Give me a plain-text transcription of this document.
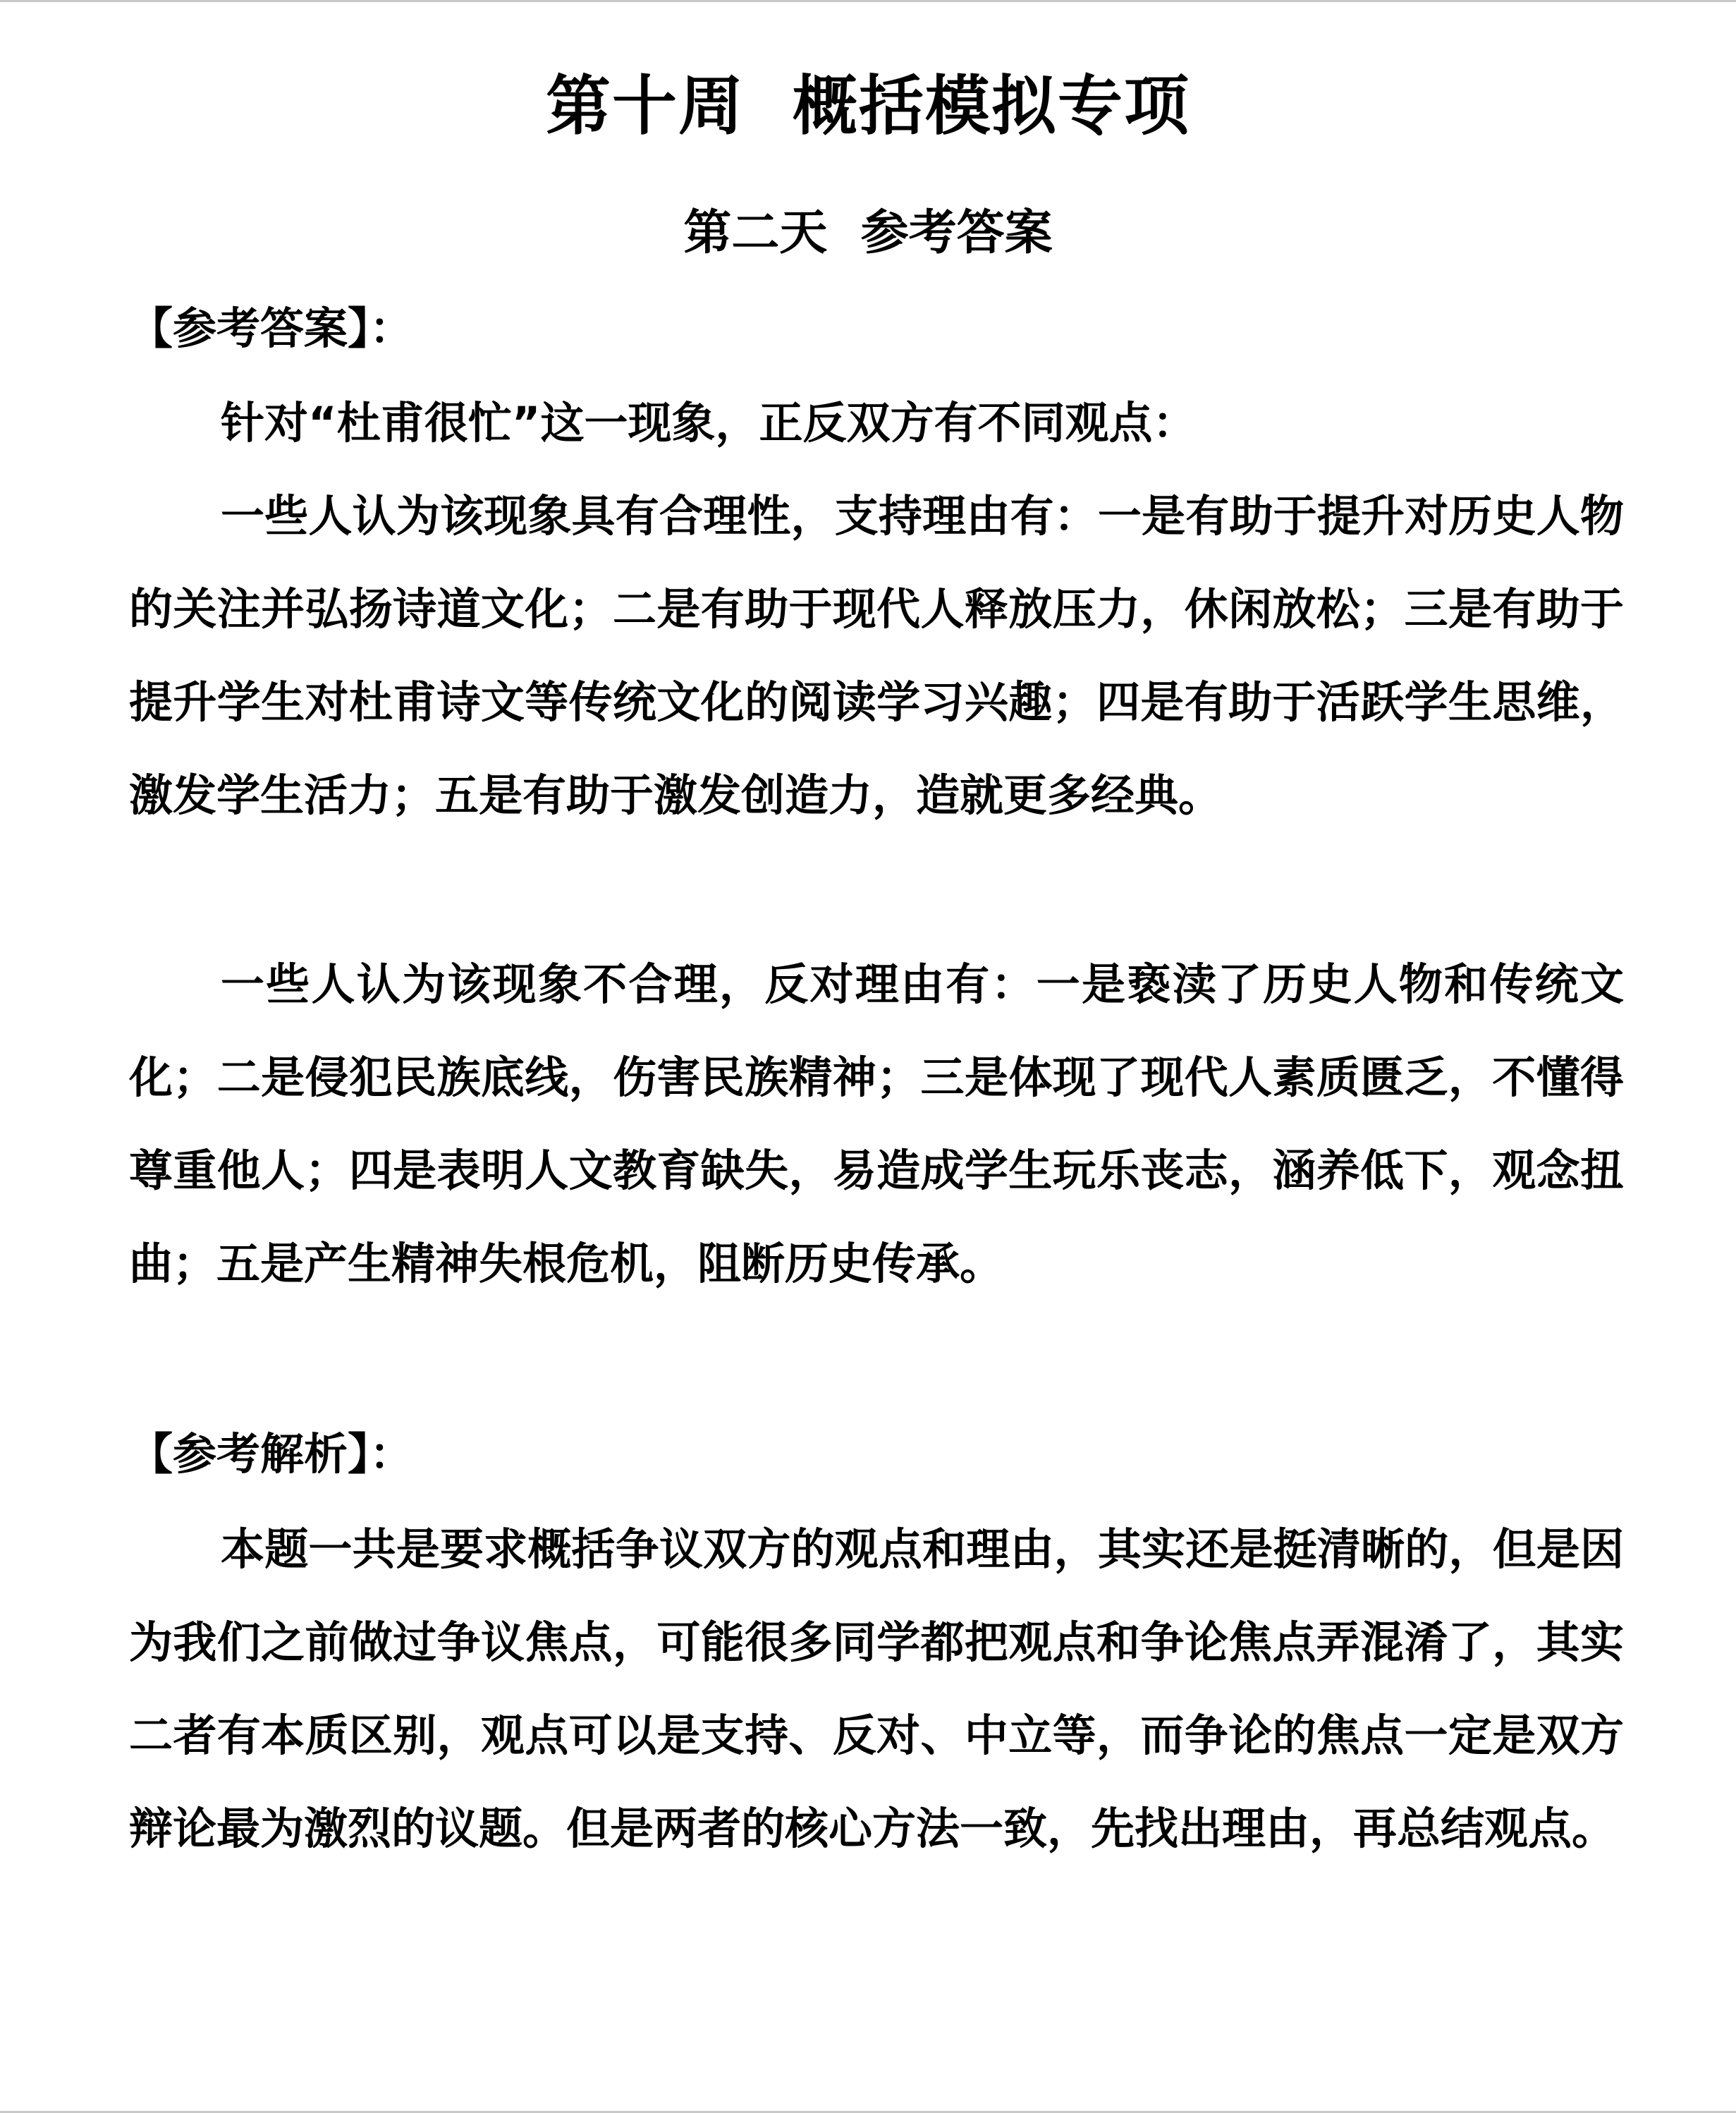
第十周  概括模拟专项
第二天  参考答案
【参考答案】：

针对“杜甫很忙”这一现象，正反双方有不同观点：

一些人认为该现象具有合理性，支持理由有：一是有助于提升对历史人物的关注并弘扬诗道文化；二是有助于现代人释放压力，休闲放松；三是有助于提升学生对杜甫诗文等传统文化的阅读学习兴趣；四是有助于活跃学生思维，激发学生活力；五是有助于激发创造力，造就更多经典。

一些人认为该现象不合理，反对理由有：一是亵渎了历史人物和传统文化；二是侵犯民族底线，伤害民族精神；三是体现了现代人素质匮乏，不懂得尊重他人；四是表明人文教育缺失，易造成学生玩乐丧志，涵养低下，观念扭曲；五是产生精神失根危机，阻断历史传承。

【参考解析】：

本题一共是要求概括争议双方的观点和理由，其实还是挺清晰的，但是因为我们之前做过争议焦点，可能很多同学都把观点和争论焦点弄混淆了，其实二者有本质区别，观点可以是支持、反对、中立等，而争论的焦点一定是双方辩论最为激烈的议题。但是两者的核心方法一致，先找出理由，再总结观点。
